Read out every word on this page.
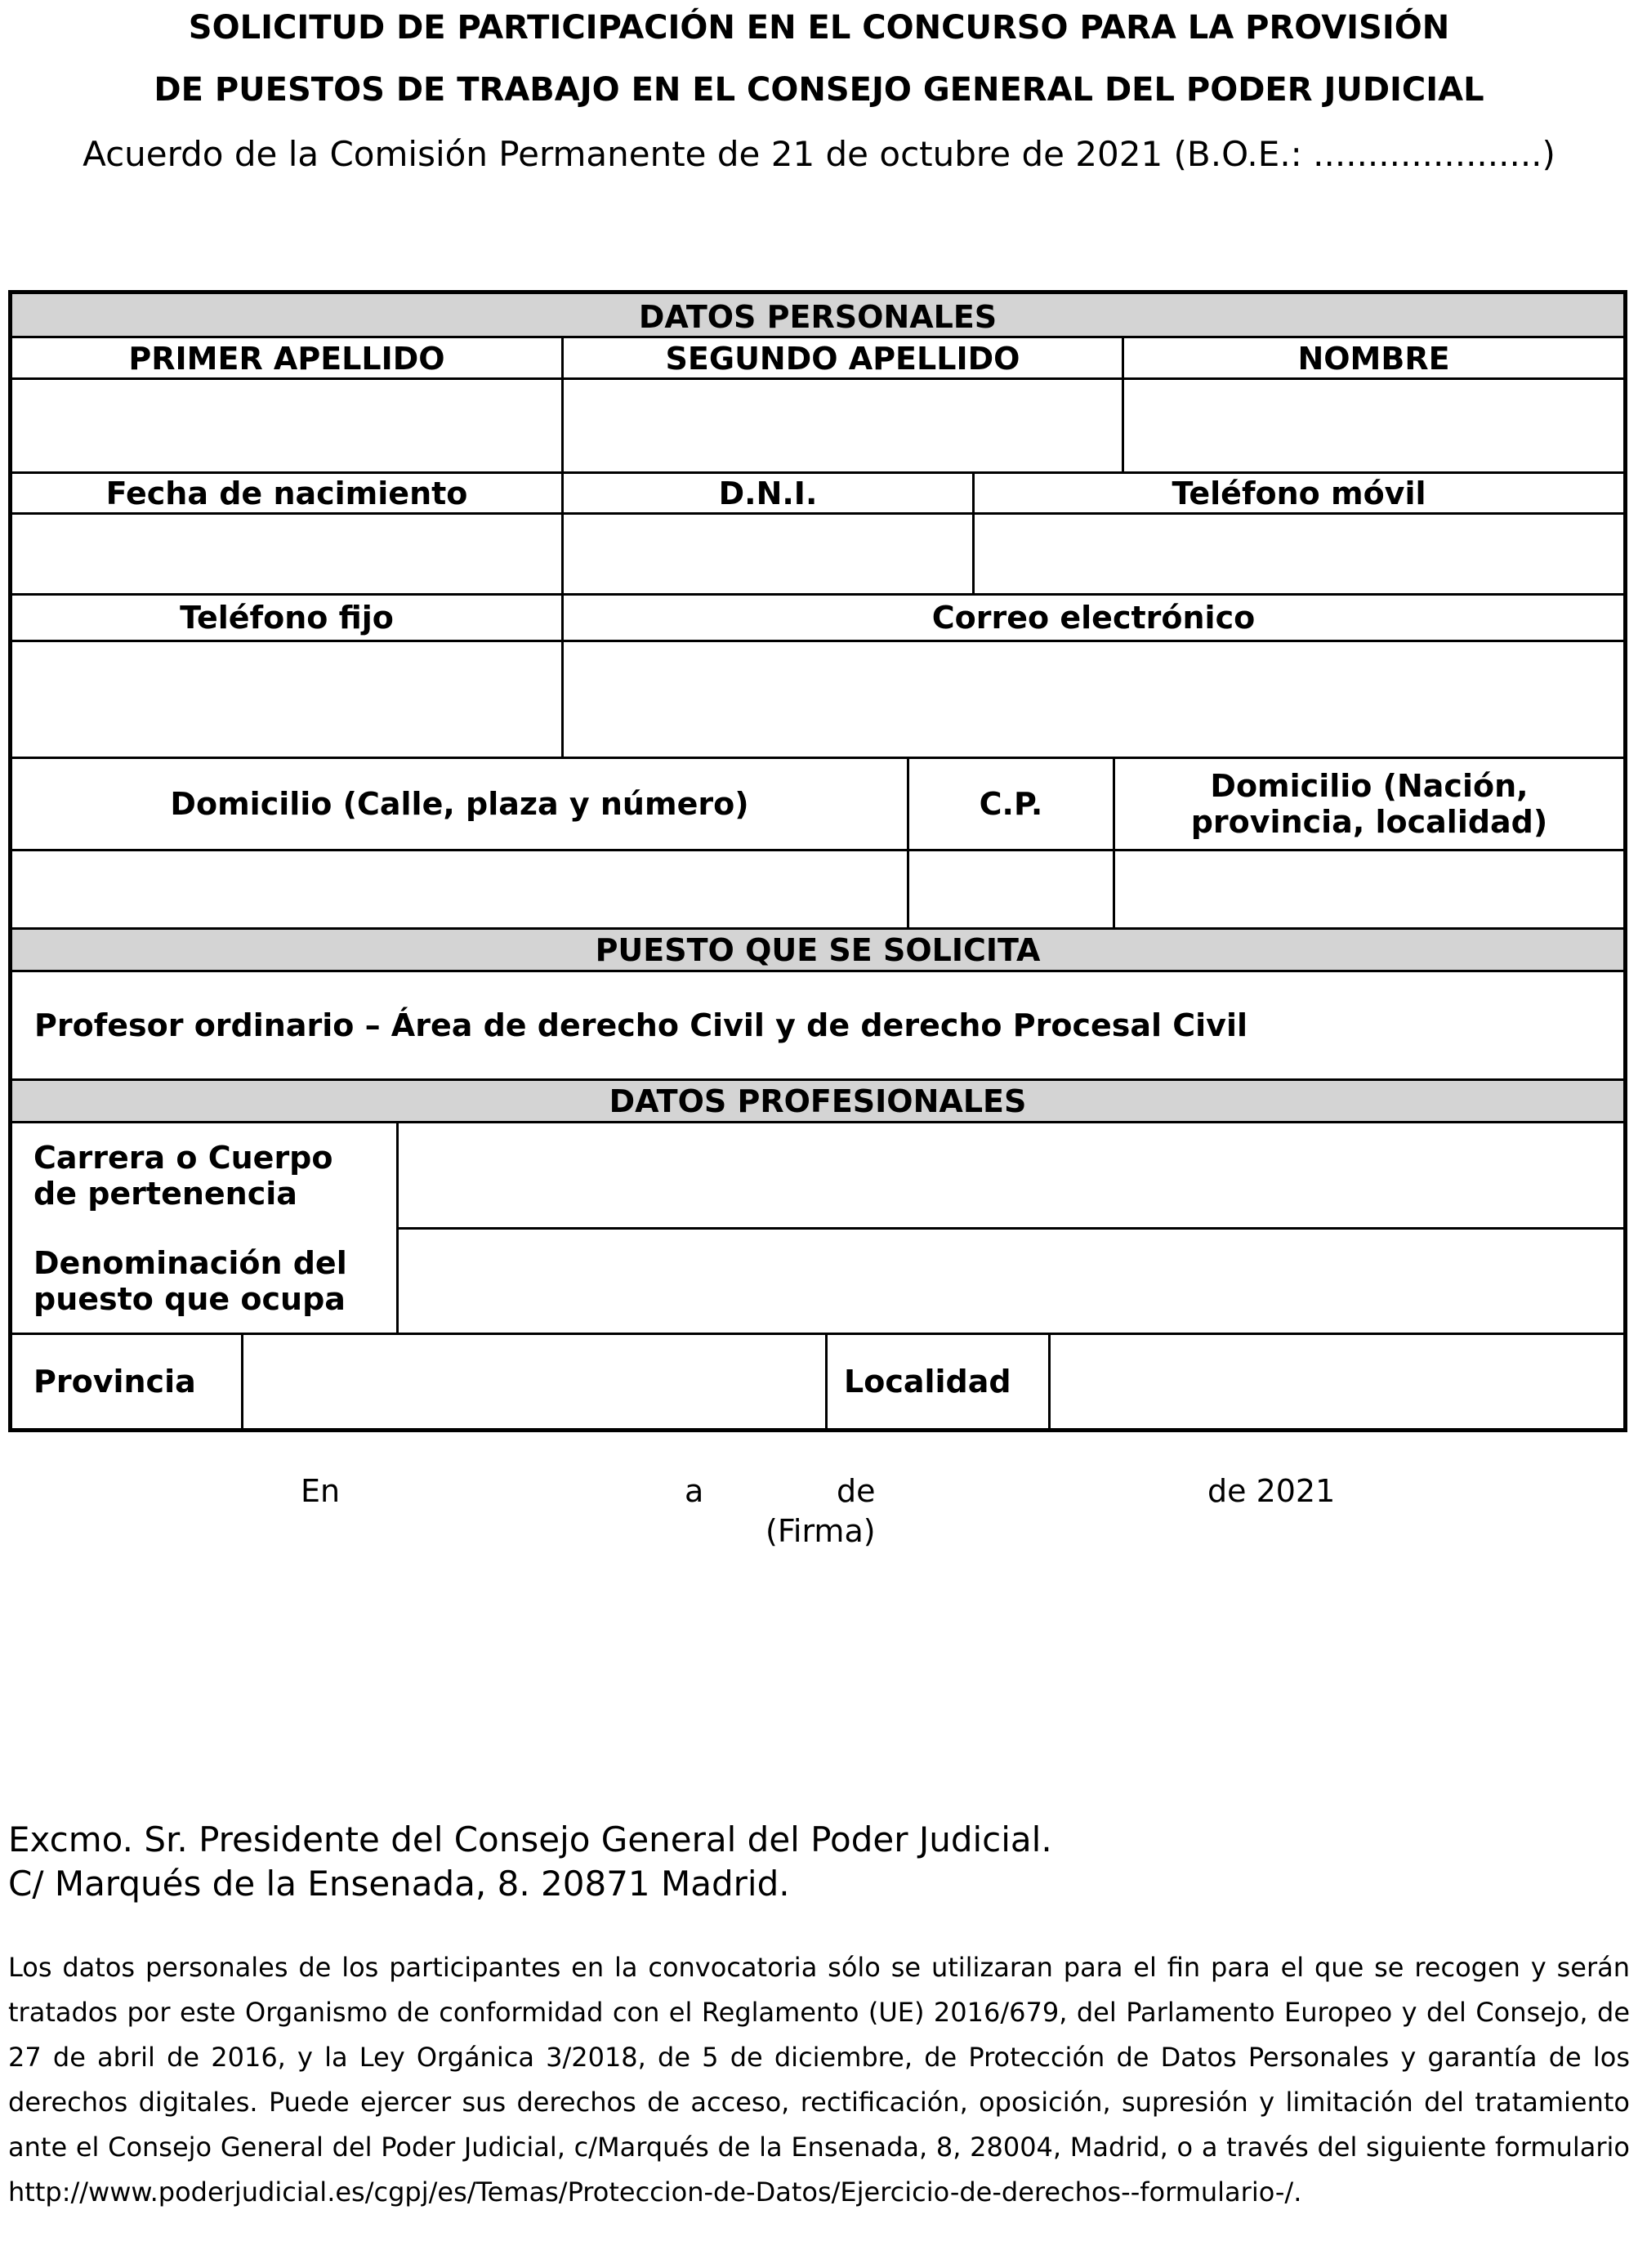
SOLICITUD DE PARTICIPACIÓN EN EL CONCURSO PARA LA PROVISIÓN
DE PUESTOS DE TRABAJO EN EL CONSEJO GENERAL DEL PODER JUDICIAL
Acuerdo de la Comisión Permanente de 21 de octubre de 2021 (B.O.E.: .....................)
DATOS PERSONALES
PRIMER APELLIDO	SEGUNDO APELLIDO	NOMBRE
Fecha de nacimiento	D.N.I.	Teléfono móvil
Teléfono fijo	Correo electrónico
Domicilio (Calle, plaza y número)	C.P.	Domicilio (Nación,
provincia, localidad)
PUESTO QUE SE SOLICITA
Profesor ordinario – Área de derecho Civil y de derecho Procesal Civil
DATOS PROFESIONALES
Carrera o Cuerpo
de pertenencia
Denominación del
puesto que ocupa
Provincia	Localidad
En	a	de	de 2021
(Firma)
Excmo. Sr. Presidente del Consejo General del Poder Judicial.
C/ Marqués de la Ensenada, 8. 20871 Madrid.
Los datos personales de los participantes en la convocatoria sólo se utilizaran para el fin para el que se recogen y serán tratados por este Organismo de conformidad con el Reglamento (UE) 2016/679, del Parlamento Europeo y del Consejo, de 27 de abril de 2016, y la Ley Orgánica 3/2018, de 5 de diciembre, de Protección de Datos Personales y garantía de los derechos digitales. Puede ejercer sus derechos de acceso, rectificación, oposición, supresión y limitación del tratamiento ante el Consejo General del Poder Judicial, c/Marqués de la Ensenada, 8, 28004, Madrid, o a través del siguiente formulario http://www.poderjudicial.es/cgpj/es/Temas/Proteccion-de-Datos/Ejercicio-de-derechos--formulario-/.
